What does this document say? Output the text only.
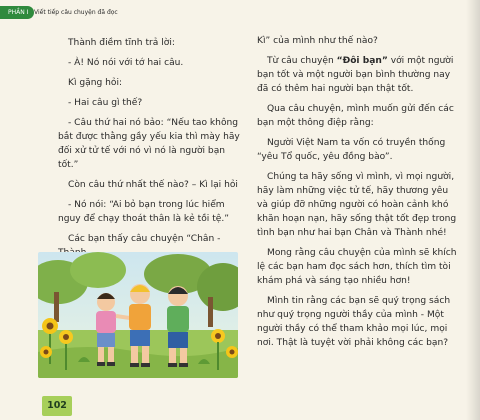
PHẦN I Viết tiếp câu chuyện đã đọc

Thành điềm tĩnh trả lời:

- À! Nó nói với tớ hai câu.

Kì gặng hỏi:

- Hai câu gì thế?

- Câu thứ hai nó bảo: “Nếu tao không bắt được thằng gầy yếu kia thì mày hãy đối xử tử tế với nó vì nó là người bạn tốt.”

Còn câu thứ nhất thế nào? – Kì lại hỏi

- Nó nói: “Ai bỏ bạn trong lúc hiểm nguy để chạy thoát thân là kẻ tồi tệ.”

Các bạn thấy câu chuyện “Chân -

Kì” của mình như thế nào?

Từ câu chuyện “Đôi bạn” với một người bạn tốt và một người bạn bình thường nay đã có thêm hai người bạn thật tốt.

Qua câu chuyện, mình muốn gửi đến các bạn một thông điệp rằng:

Người Việt Nam ta vốn có truyền thống “yêu Tổ quốc, yêu đồng bào”.

Chúng ta hãy sống vì mình, vì mọi người, hãy làm những việc tử tế, hãy thương yêu và giúp đỡ những người có hoàn cảnh khó khăn hoạn nạn, hãy sống thật tốt đẹp trong tình bạn như hai bạn Chân và Thành nhé!

Mong rằng câu chuyện của mình sẽ khích lệ các bạn ham đọc sách hơn, thích tìm tòi khám phá và sáng tạo nhiều hơn!

Mình tin rằng các bạn sẽ quý trọng sách như quý trọng người thầy của mình - Một người thầy có thể tham khảo mọi lúc, mọi nơi. Thật là tuyệt vời phải không các bạn?

102
